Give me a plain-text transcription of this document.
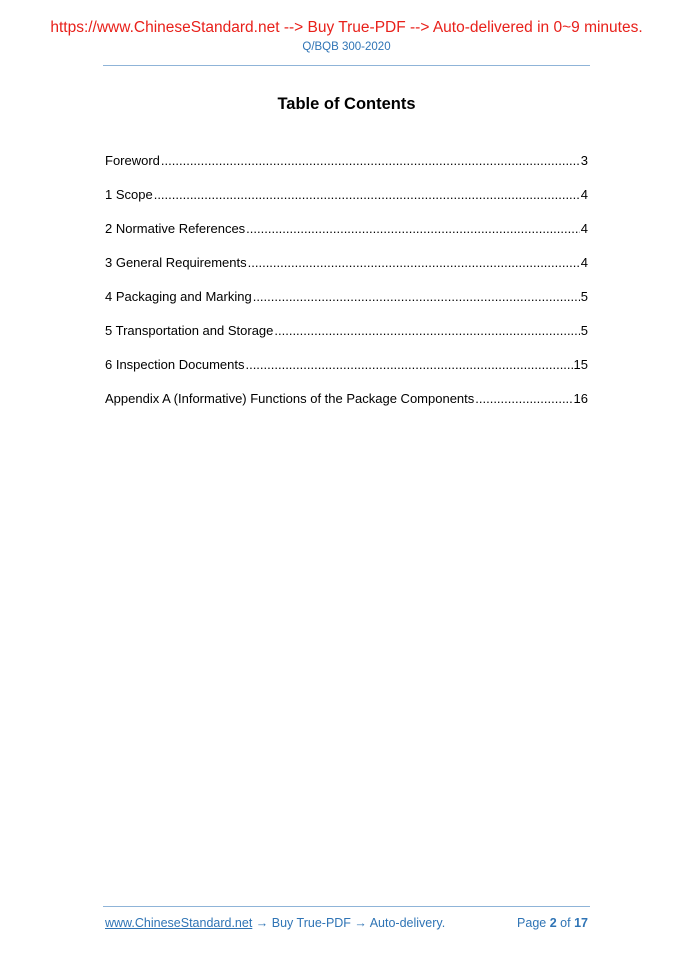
https://www.ChineseStandard.net --> Buy True-PDF --> Auto-delivered in 0~9 minutes.
Q/BQB 300-2020
Table of Contents
Foreword .....	3
1 Scope .....	4
2 Normative References .....	4
3 General Requirements .....	4
4 Packaging and Marking .....	5
5 Transportation and Storage .....	5
6 Inspection Documents .....	15
Appendix A (Informative) Functions of the Package Components .....	16
www.ChineseStandard.net → Buy True-PDF → Auto-delivery.	Page 2 of 17
